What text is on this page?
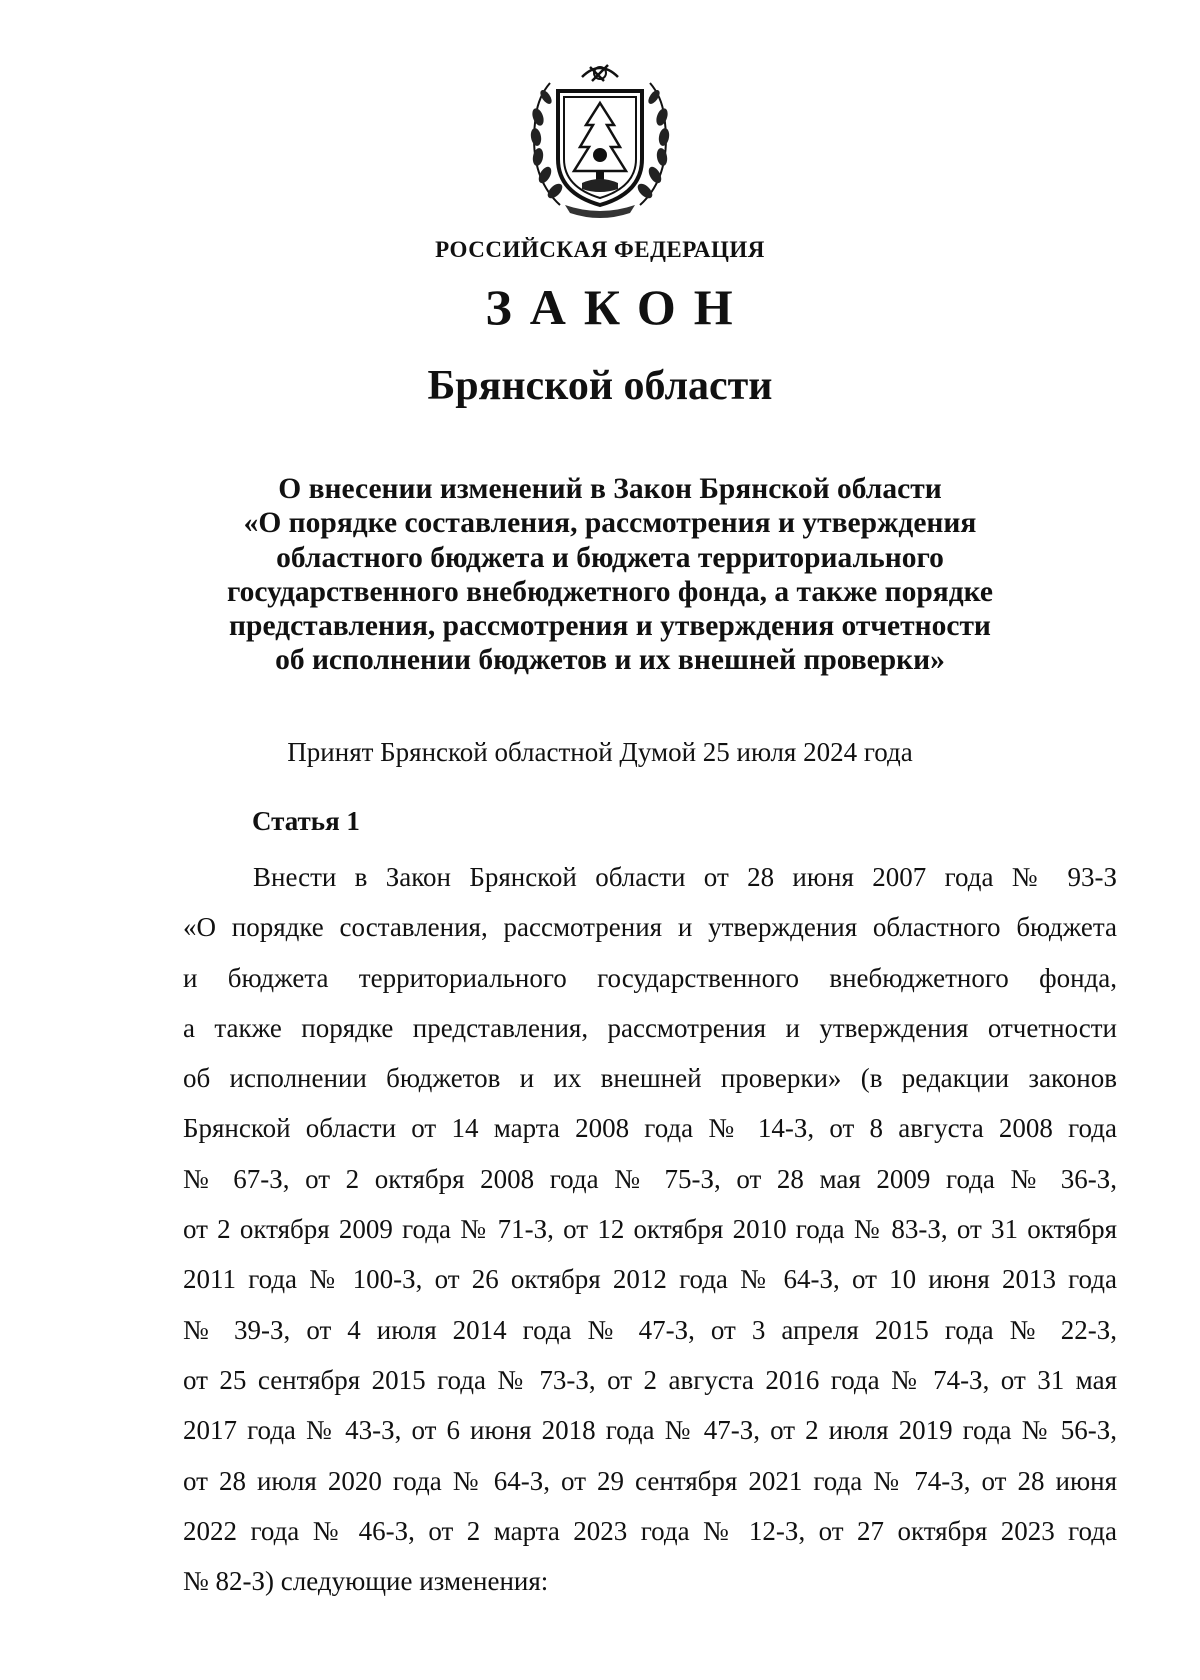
РОССИЙСКАЯ ФЕДЕРАЦИЯ
ЗАКОН
Брянской области
О внесении изменений в Закон Брянской области
«О порядке составления, рассмотрения и утверждения
областного бюджета и бюджета территориального
государственного внебюджетного фонда, а также порядке
представления, рассмотрения и утверждения отчетности
об исполнении бюджетов и их внешней проверки»
Принят Брянской областной Думой 25 июля 2024 года
Статья 1
Внести в Закон Брянской области от 28 июня 2007 года № 93-З
«О порядке составления, рассмотрения и утверждения областного бюджета
и бюджета территориального государственного внебюджетного фонда,
а также порядке представления, рассмотрения и утверждения отчетности
об исполнении бюджетов и их внешней проверки» (в редакции законов
Брянской области от 14 марта 2008 года № 14-З, от 8 августа 2008 года
№ 67-З, от 2 октября 2008 года № 75-З, от 28 мая 2009 года № 36-З,
от 2 октября 2009 года № 71-З, от 12 октября 2010 года № 83-З, от 31 октября
2011 года № 100-З, от 26 октября 2012 года № 64-З, от 10 июня 2013 года
№ 39-З, от 4 июля 2014 года № 47-З, от 3 апреля 2015 года № 22-З,
от 25 сентября 2015 года № 73-З, от 2 августа 2016 года № 74-З, от 31 мая
2017 года № 43-З, от 6 июня 2018 года № 47-З, от 2 июля 2019 года № 56-З,
от 28 июля 2020 года № 64-З, от 29 сентября 2021 года № 74-З, от 28 июня
2022 года № 46-З, от 2 марта 2023 года № 12-З, от 27 октября 2023 года
№ 82-З) следующие изменения:
